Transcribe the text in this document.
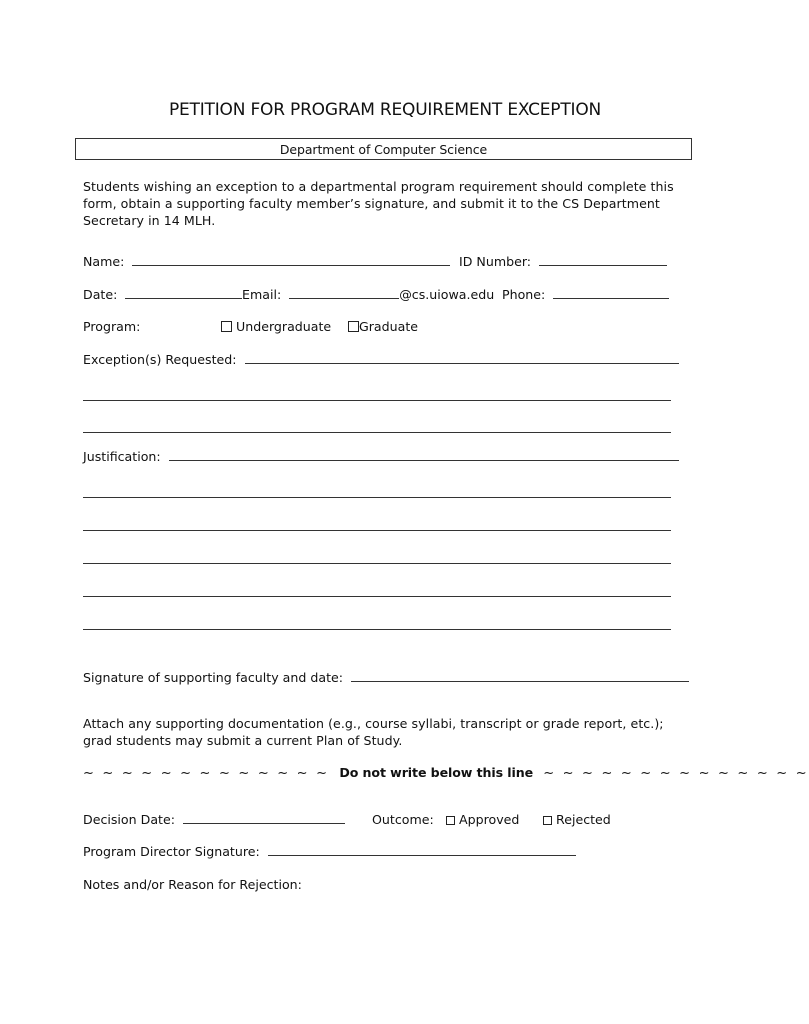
PETITION FOR PROGRAM REQUIREMENT EXCEPTION
Department of Computer Science
Students wishing an exception to a departmental program requirement should complete this form, obtain a supporting faculty member’s signature, and submit it to the CS Department Secretary in 14 MLH.
Name:	ID Number:
Date:	Email:	@cs.uiowa.edu Phone:
Program:	Undergraduate	Graduate
Exception(s) Requested:
Justification:
Signature of supporting faculty and date:
Attach any supporting documentation (e.g., course syllabi, transcript or grade report, etc.); grad students may submit a current Plan of Study.
~ ~ ~ ~ ~ ~ ~ ~ ~ ~ ~ ~ ~ Do not write below this line ~ ~ ~ ~ ~ ~ ~ ~ ~ ~ ~ ~ ~ ~
Decision Date:	Outcome:	Approved	Rejected
Program Director Signature:
Notes and/or Reason for Rejection:
